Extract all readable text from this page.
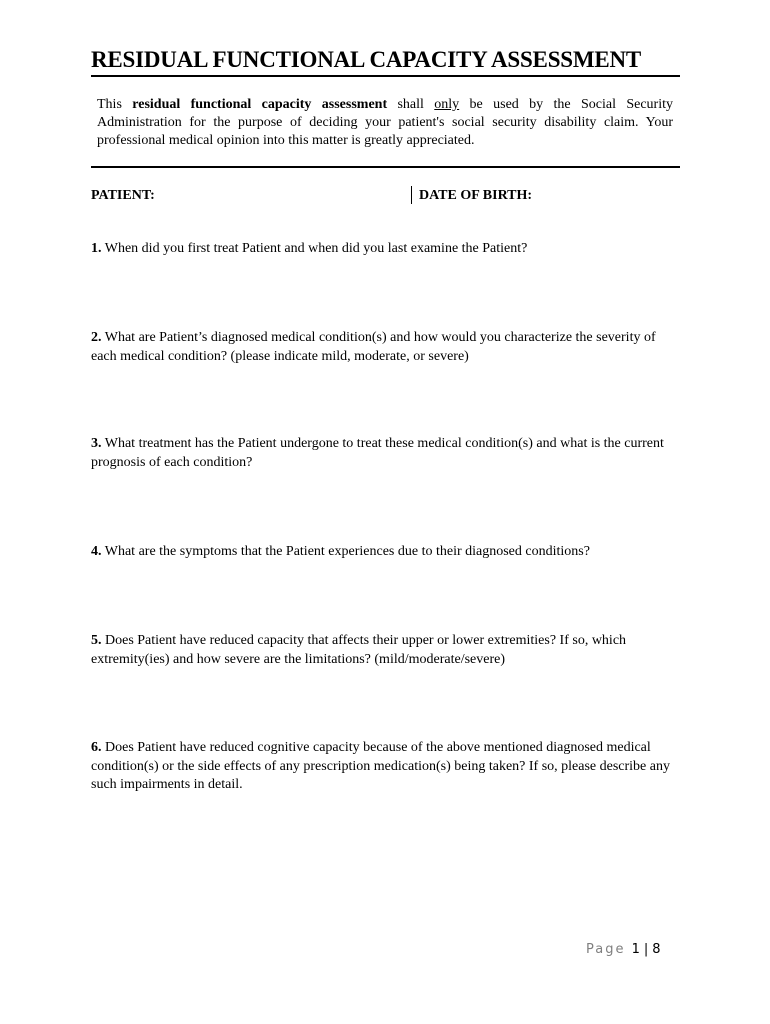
RESIDUAL FUNCTIONAL CAPACITY ASSESSMENT
This residual functional capacity assessment shall only be used by the Social Security Administration for the purpose of deciding your patient's social security disability claim. Your professional medical opinion into this matter is greatly appreciated.
PATIENT:	DATE OF BIRTH:
1. When did you first treat Patient and when did you last examine the Patient?
2. What are Patient’s diagnosed medical condition(s) and how would you characterize the severity of each medical condition? (please indicate mild, moderate, or severe)
3. What treatment has the Patient undergone to treat these medical condition(s) and what is the current prognosis of each condition?
4. What are the symptoms that the Patient experiences due to their diagnosed conditions?
5. Does Patient have reduced capacity that affects their upper or lower extremities? If so, which extremity(ies) and how severe are the limitations? (mild/moderate/severe)
6. Does Patient have reduced cognitive capacity because of the above mentioned diagnosed medical condition(s) or the side effects of any prescription medication(s) being taken? If so, please describe any such impairments in detail.
Page 1 | 8
